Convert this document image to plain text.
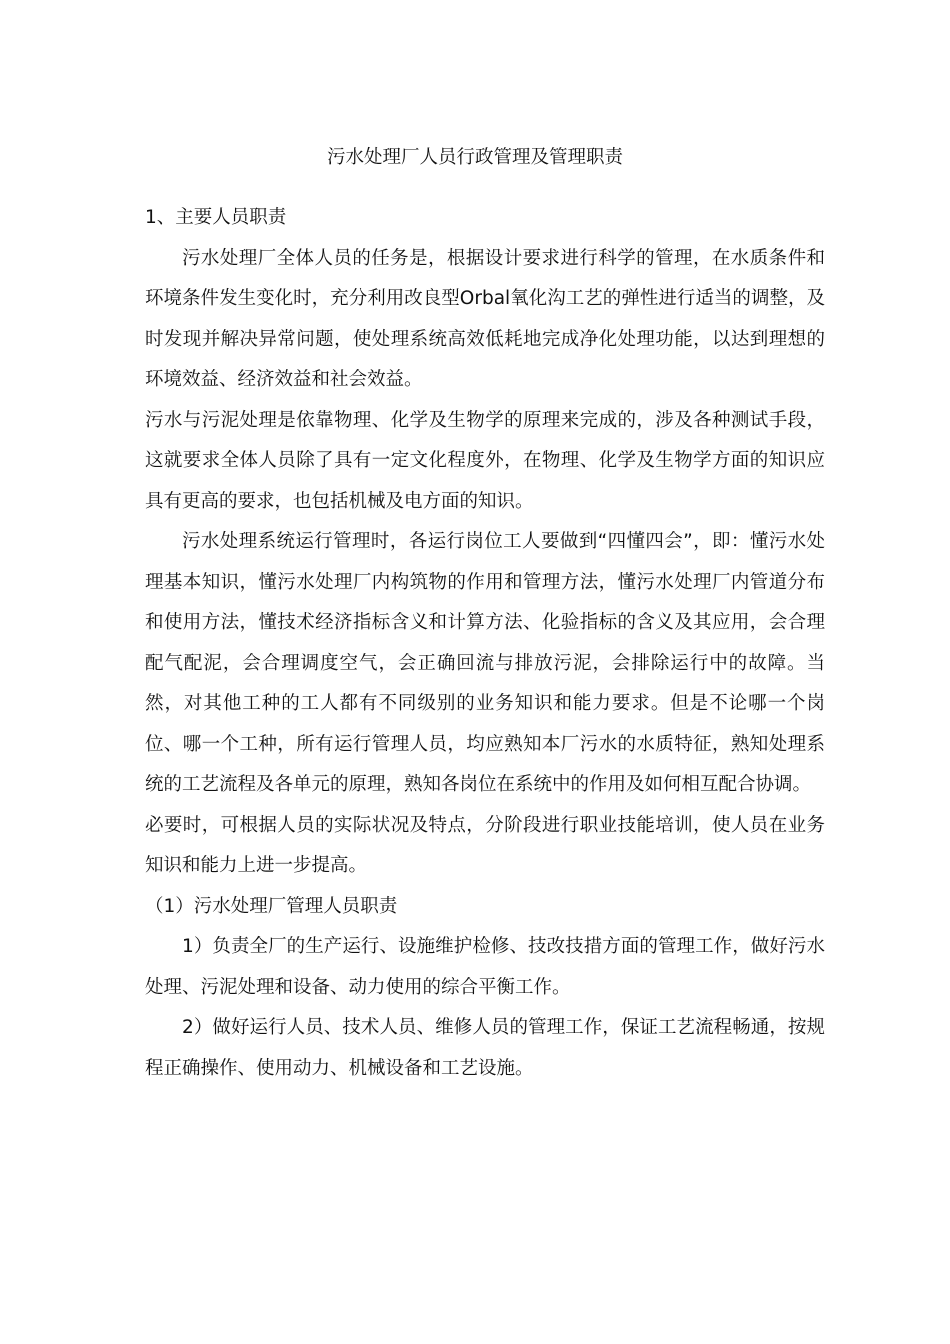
污水处理厂人员行政管理及管理职责
1、主要人员职责

污水处理厂全体人员的任务是，根据设计要求进行科学的管理，在水质条件和环境条件发生变化时，充分利用改良型Orbal氧化沟工艺的弹性进行适当的调整，及时发现并解决异常问题，使处理系统高效低耗地完成净化处理功能，以达到理想的环境效益、经济效益和社会效益。

污水与污泥处理是依靠物理、化学及生物学的原理来完成的，涉及各种测试手段，这就要求全体人员除了具有一定文化程度外，在物理、化学及生物学方面的知识应具有更高的要求，也包括机械及电方面的知识。

污水处理系统运行管理时，各运行岗位工人要做到“四懂四会”，即：懂污水处理基本知识，懂污水处理厂内构筑物的作用和管理方法，懂污水处理厂内管道分布和使用方法，懂技术经济指标含义和计算方法、化验指标的含义及其应用，会合理配气配泥，会合理调度空气，会正确回流与排放污泥，会排除运行中的故障。当然，对其他工种的工人都有不同级别的业务知识和能力要求。但是不论哪一个岗位、哪一个工种，所有运行管理人员，均应熟知本厂污水的水质特征，熟知处理系统的工艺流程及各单元的原理，熟知各岗位在系统中的作用及如何相互配合协调。

必要时，可根据人员的实际状况及特点，分阶段进行职业技能培训，使人员在业务知识和能力上进一步提高。

（1）污水处理厂管理人员职责

1）负责全厂的生产运行、设施维护检修、技改技措方面的管理工作，做好污水处理、污泥处理和设备、动力使用的综合平衡工作。

2）做好运行人员、技术人员、维修人员的管理工作，保证工艺流程畅通，按规程正确操作、使用动力、机械设备和工艺设施。
